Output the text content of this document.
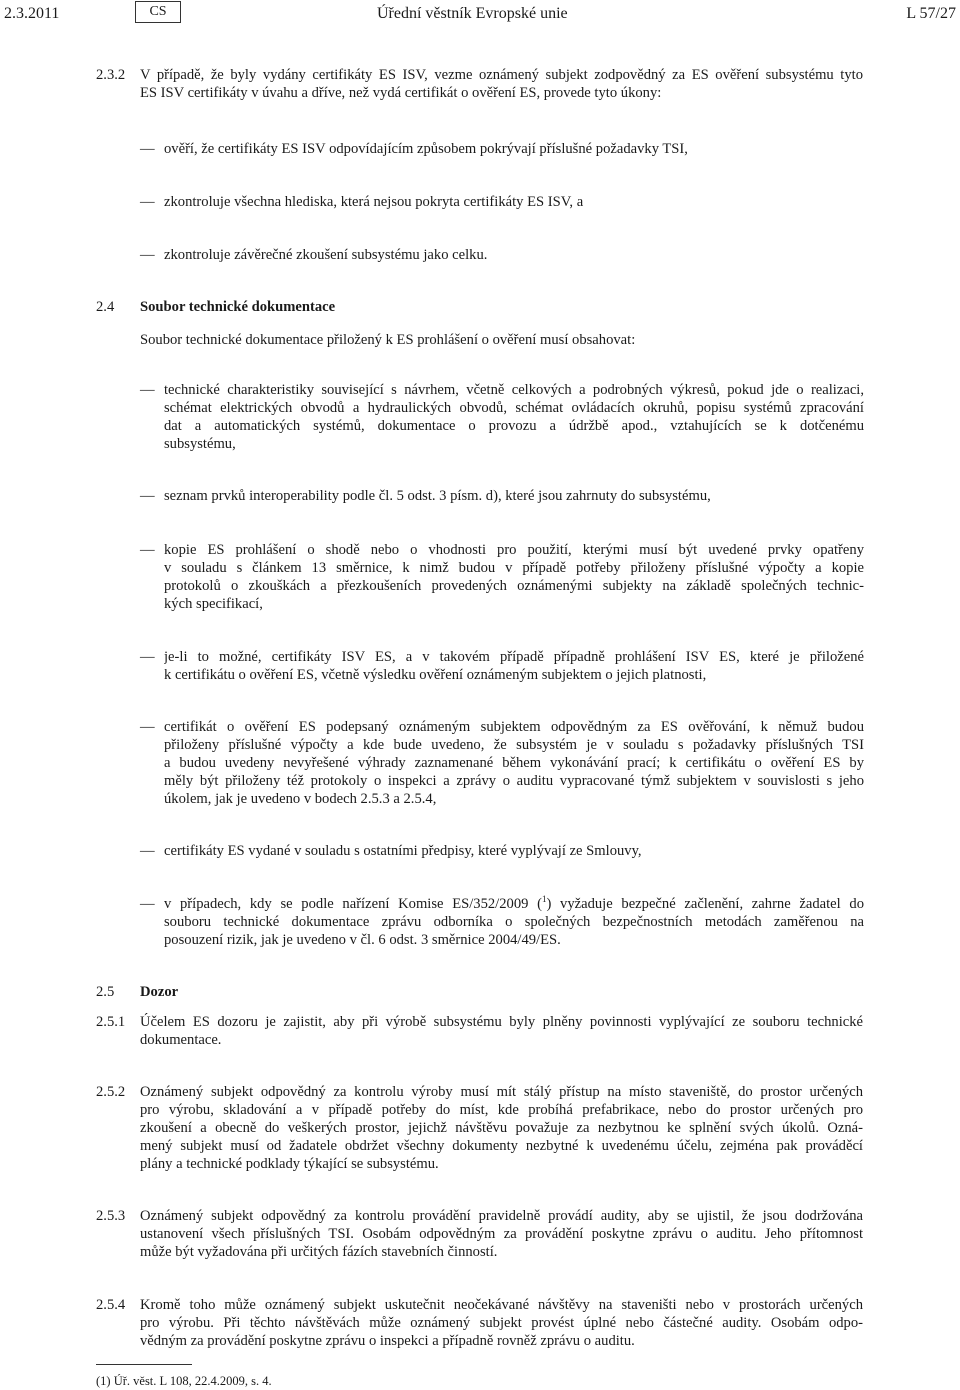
2.3.2011	CS	Úřední věstník Evropské unie	L 57/27
2.3.2 V případě, že byly vydány certifikáty ES ISV, vezme oznámený subjekt zodpovědný za ES ověření subsystému tyto
ES ISV certifikáty v úvahu a dříve, než vydá certifikát o ověření ES, provede tyto úkony:
— ověří, že certifikáty ES ISV odpovídajícím způsobem pokrývají příslušné požadavky TSI,
— zkontroluje všechna hlediska, která nejsou pokryta certifikáty ES ISV, a
— zkontroluje závěrečné zkoušení subsystému jako celku.
2.4 Soubor technické dokumentace
Soubor technické dokumentace přiložený k ES prohlášení o ověření musí obsahovat:
— technické charakteristiky související s návrhem, včetně celkových a podrobných výkresů, pokud jde o realizaci,
schémat elektrických obvodů a hydraulických obvodů, schémat ovládacích okruhů, popisu systémů zpracování
dat a automatických systémů, dokumentace o provozu a údržbě apod., vztahujících se k dotčenému
subsystému,
— seznam prvků interoperability podle čl. 5 odst. 3 písm. d), které jsou zahrnuty do subsystému,
— kopie ES prohlášení o shodě nebo o vhodnosti pro použití, kterými musí být uvedené prvky opatřeny
v souladu s článkem 13 směrnice, k nimž budou v případě potřeby přiloženy příslušné výpočty a kopie
protokolů o zkouškách a přezkoušeních provedených oznámenými subjekty na základě společných technic-
kých specifikací,
— je-li to možné, certifikáty ISV ES, a v takovém případě případně prohlášení ISV ES, které je přiložené
k certifikátu o ověření ES, včetně výsledku ověření oznámeným subjektem o jejich platnosti,
— certifikát o ověření ES podepsaný oznámeným subjektem odpovědným za ES ověřování, k němuž budou
přiloženy příslušné výpočty a kde bude uvedeno, že subsystém je v souladu s požadavky příslušných TSI
a budou uvedeny nevyřešené výhrady zaznamenané během vykonávání prací; k certifikátu o ověření ES by
měly být přiloženy též protokoly o inspekci a zprávy o auditu vypracované týmž subjektem v souvislosti s jeho
úkolem, jak je uvedeno v bodech 2.5.3 a 2.5.4,
— certifikáty ES vydané v souladu s ostatními předpisy, které vyplývají ze Smlouvy,
— v případech, kdy se podle nařízení Komise ES/352/2009 ($^1$) vyžaduje bezpečné začlenění, zahrne žadatel do
souboru technické dokumentace zprávu odborníka o společných bezpečnostních metodách zaměřenou na
posouzení rizik, jak je uvedeno v čl. 6 odst. 3 směrnice 2004/49/ES.
2.5 Dozor
2.5.1 Účelem ES dozoru je zajistit, aby při výrobě subsystému byly plněny povinnosti vyplývající ze souboru technické
dokumentace.
2.5.2 Oznámený subjekt odpovědný za kontrolu výroby musí mít stálý přístup na místo staveniště, do prostor určených
pro výrobu, skladování a v případě potřeby do míst, kde probíhá prefabrikace, nebo do prostor určených pro
zkoušení a obecně do veškerých prostor, jejichž návštěvu považuje za nezbytnou ke splnění svých úkolů. Ozná-
mený subjekt musí od žadatele obdržet všechny dokumenty nezbytné k uvedenému účelu, zejména pak prováděcí
plány a technické podklady týkající se subsystému.
2.5.3 Oznámený subjekt odpovědný za kontrolu provádění pravidelně provádí audity, aby se ujistil, že jsou dodržována
ustanovení všech příslušných TSI. Osobám odpovědným za provádění poskytne zprávu o auditu. Jeho přítomnost
může být vyžadována při určitých fázích stavebních činností.
2.5.4 Kromě toho může oznámený subjekt uskutečnit neočekávané návštěvy na staveništi nebo v prostorách určených
pro výrobu. Při těchto návštěvách může oznámený subjekt provést úplné nebo částečné audity. Osobám odpo-
vědným za provádění poskytne zprávu o inspekci a případně rovněž zprávu o auditu.
(1) Úř. věst. L 108, 22.4.2009, s. 4.
